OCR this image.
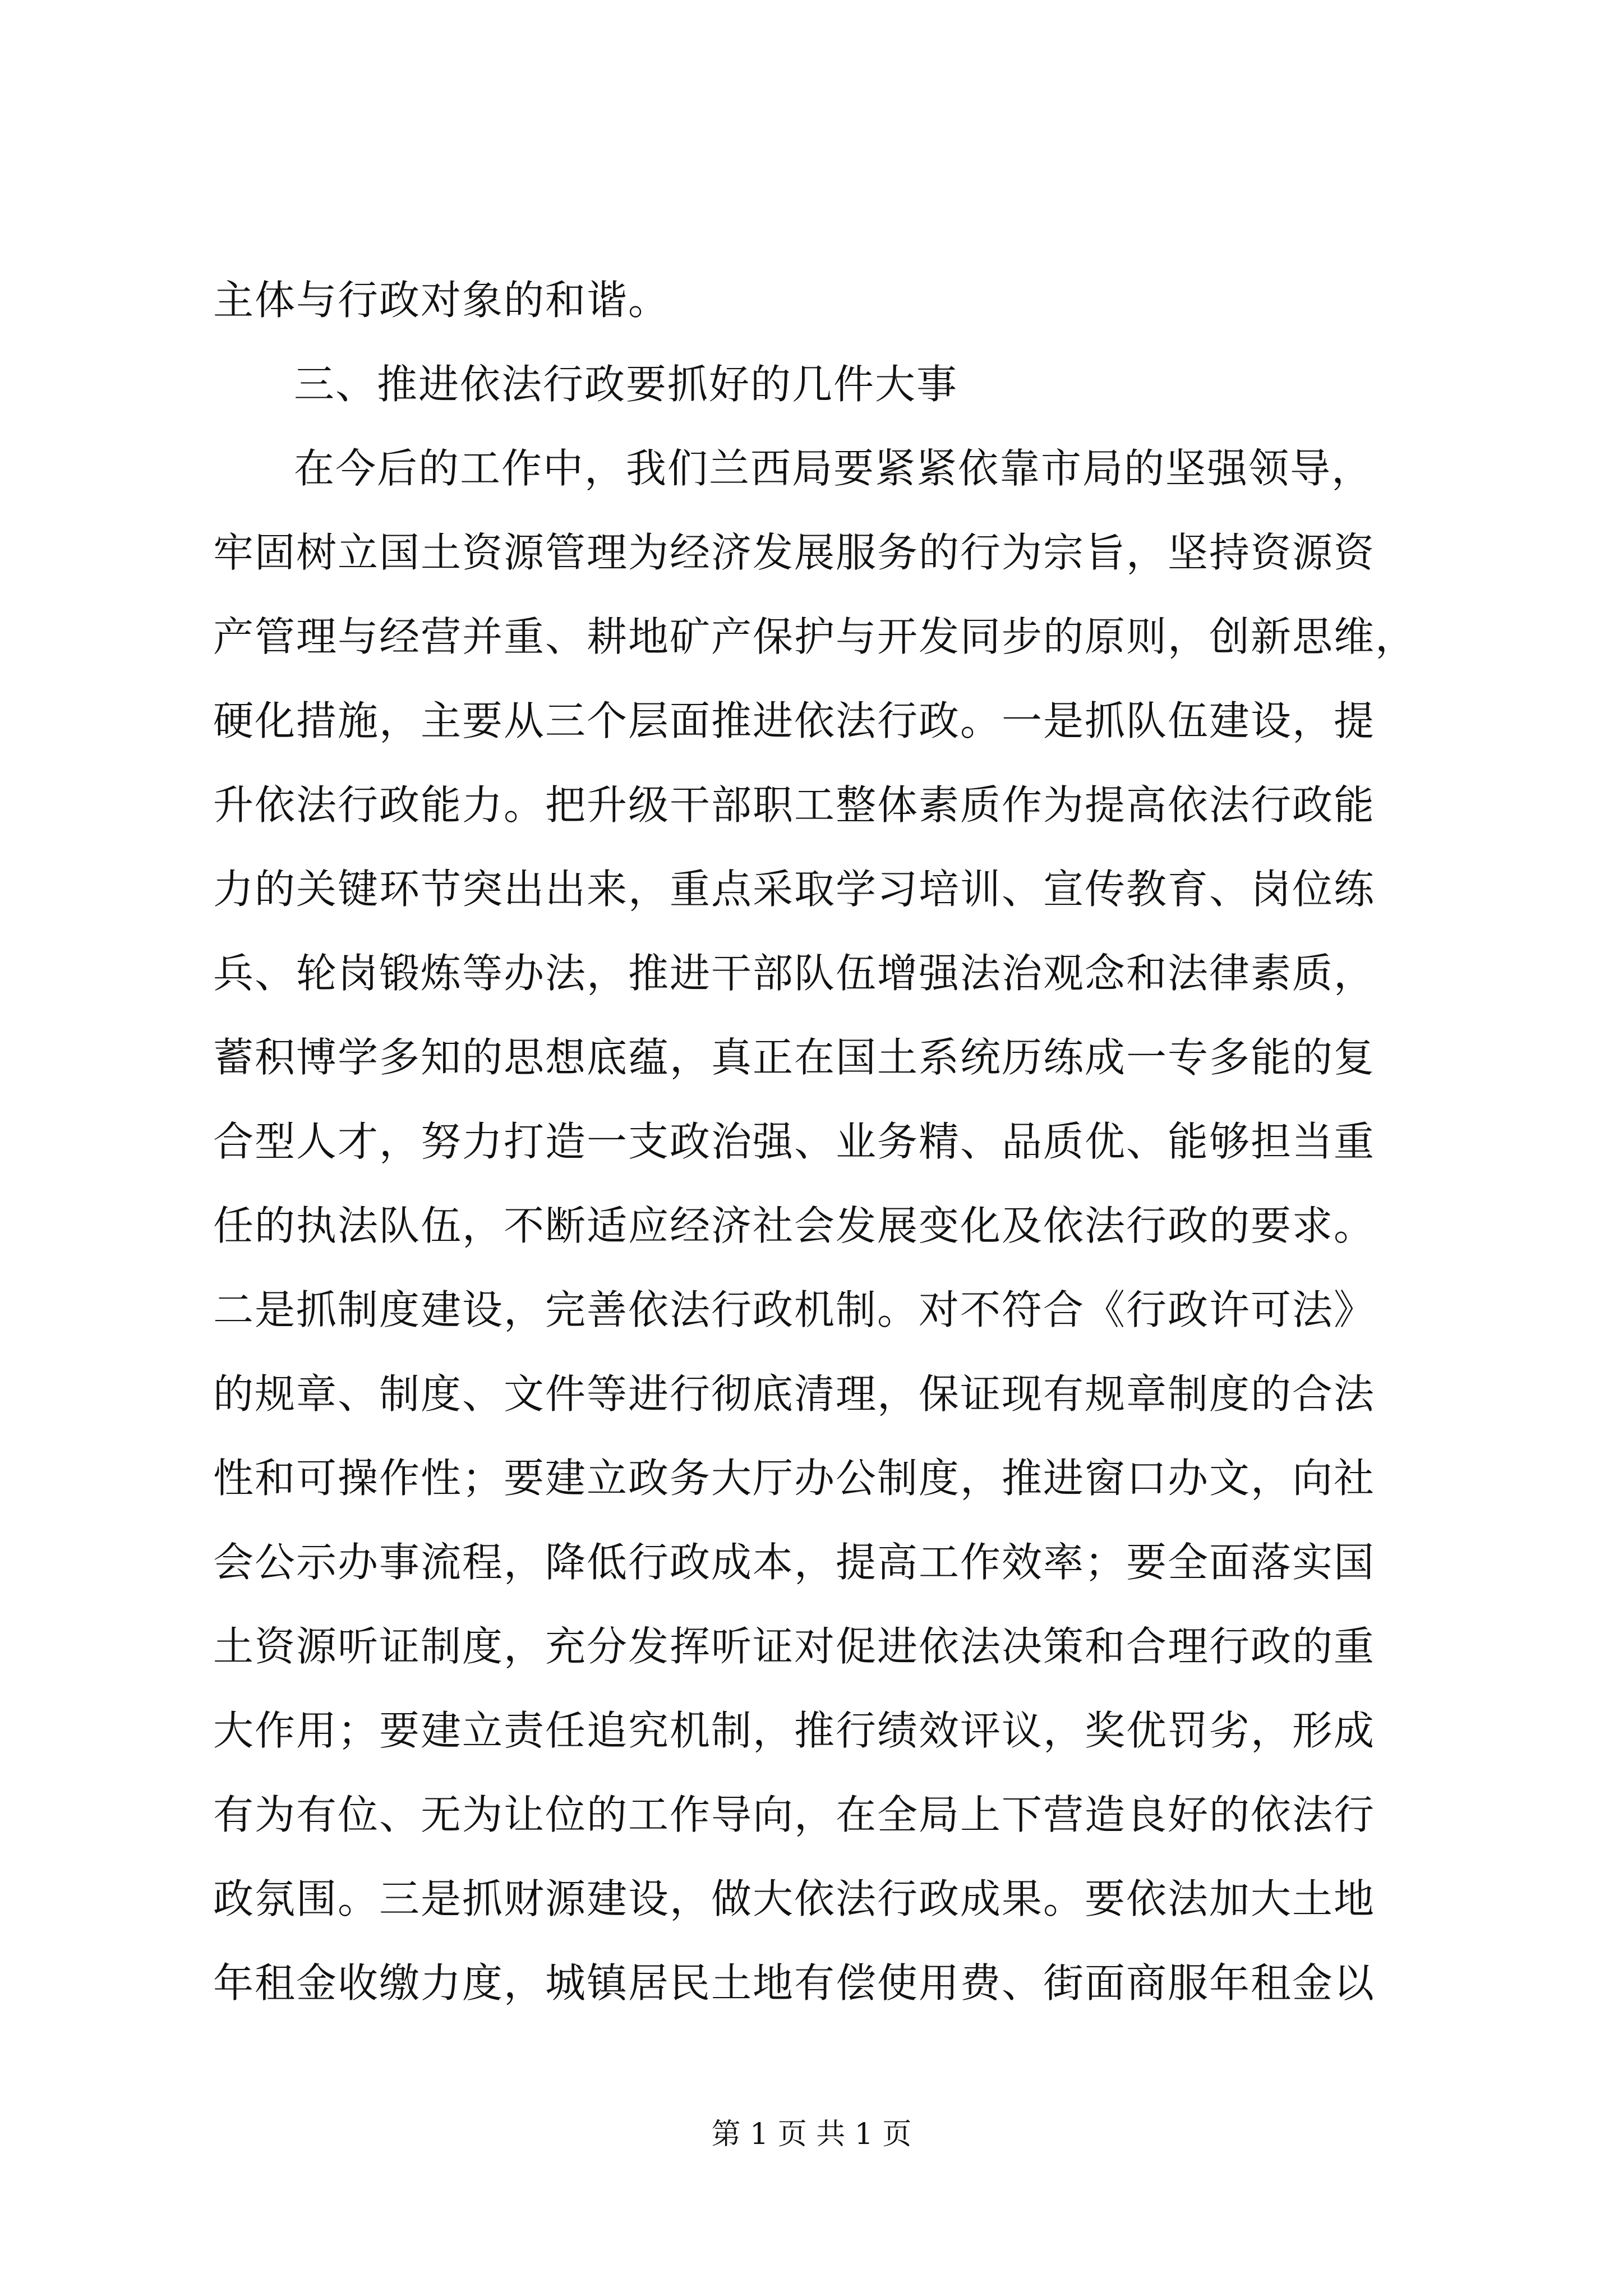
主体与行政对象的和谐。
三、推进依法行政要抓好的几件大事
在今后的工作中，我们兰西局要紧紧依靠市局的坚强领导，
牢固树立国土资源管理为经济发展服务的行为宗旨，坚持资源资
产管理与经营并重、耕地矿产保护与开发同步的原则，创新思维，
硬化措施，主要从三个层面推进依法行政。一是抓队伍建设，提
升依法行政能力。把升级干部职工整体素质作为提高依法行政能
力的关键环节突出出来，重点采取学习培训、宣传教育、岗位练
兵、轮岗锻炼等办法，推进干部队伍增强法治观念和法律素质，
蓄积博学多知的思想底蕴，真正在国土系统历练成一专多能的复
合型人才，努力打造一支政治强、业务精、品质优、能够担当重
任的执法队伍，不断适应经济社会发展变化及依法行政的要求。
二是抓制度建设，完善依法行政机制。对不符合《行政许可法》
的规章、制度、文件等进行彻底清理，保证现有规章制度的合法
性和可操作性；要建立政务大厅办公制度，推进窗口办文，向社
会公示办事流程，降低行政成本，提高工作效率；要全面落实国
土资源听证制度，充分发挥听证对促进依法决策和合理行政的重
大作用；要建立责任追究机制，推行绩效评议，奖优罚劣，形成
有为有位、无为让位的工作导向，在全局上下营造良好的依法行
政氛围。三是抓财源建设，做大依法行政成果。要依法加大土地
年租金收缴力度，城镇居民土地有偿使用费、街面商服年租金以
第 1 页 共 1 页
